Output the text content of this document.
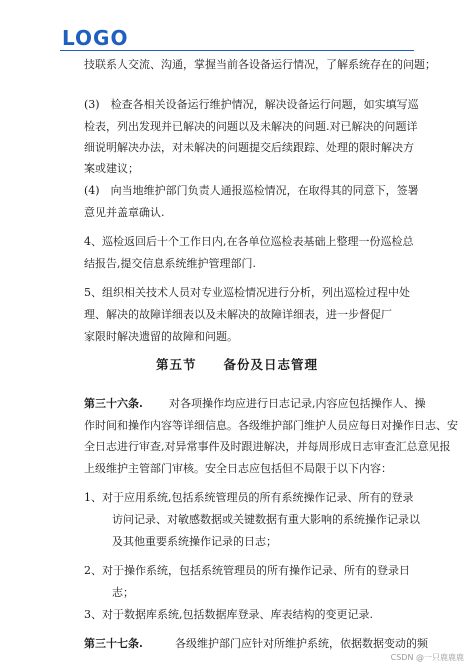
LOGO
技联系人交流、沟通，掌握当前各设备运行情况，了解系统存在的问题；
(3)　检查各相关设备运行维护情况，解决设备运行问题，如实填写巡
检表，列出发现并已解决的问题以及未解决的问题.对已解决的问题详
细说明解决办法，对未解决的问题提交后续跟踪、处理的限时解决方
案或建议；
(4)　向当地维护部门负责人通报巡检情况，在取得其的同意下，签署
意见并盖章确认.
4、巡检返回后十个工作日内,在各单位巡检表基础上整理一份巡检总
结报告,提交信息系统维护管理部门.
5、组织相关技术人员对专业巡检情况进行分析，列出巡检过程中处
理、解决的故障详细表以及未解决的故障详细表，进一步督促厂
家限时解决遗留的故障和问题。
第五节　　备份及日志管理
第三十六条. 对各项操作均应进行日志记录,内容应包括操作人、操
作时间和操作内容等详细信息。各级维护部门维护人员应每日对操作日志、安
全日志进行审查,对异常事件及时跟进解决，并每周形成日志审查汇总意见报
上级维护主管部门审核。安全日志应包括但不局限于以下内容：
1、对于应用系统,包括系统管理员的所有系统操作记录、所有的登录
访问记录、对敏感数据或关键数据有重大影响的系统操作记录以
及其他重要系统操作记录的日志；
2、对于操作系统，包括系统管理员的所有操作记录、所有的登录日
志；
3、对于数据库系统,包括数据库登录、库表结构的变更记录.
第三十七条.	各级维护部门应针对所维护系统，依据数据变动的频
CSDN @一只鹿鹿鹿
